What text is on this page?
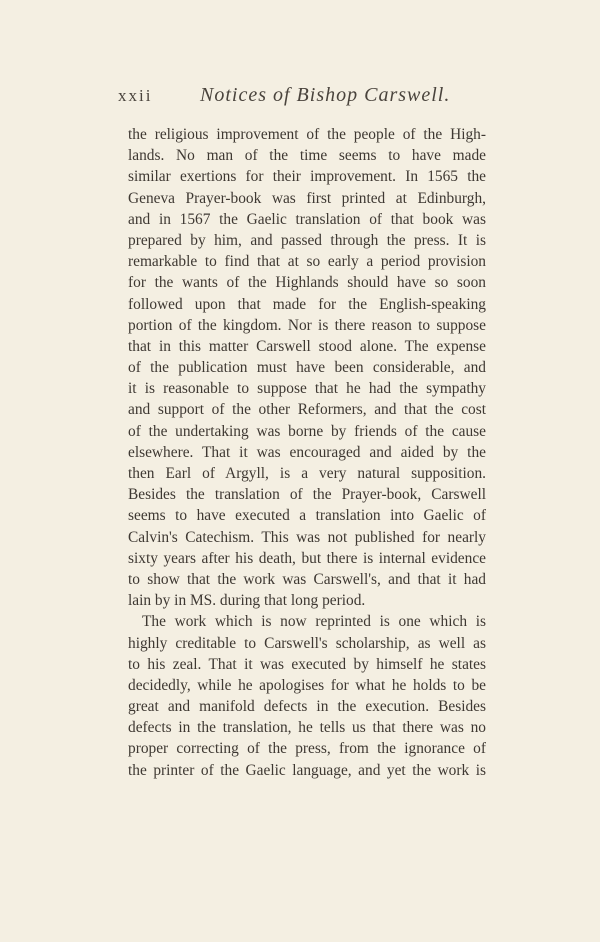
xxii Notices of Bishop Carswell.
the religious improvement of the people of the High-
lands. No man of the time seems to have made
similar exertions for their improvement. In 1565 the
Geneva Prayer-book was first printed at Edinburgh,
and in 1567 the Gaelic translation of that book was
prepared by him, and passed through the press. It is
remarkable to find that at so early a period provision
for the wants of the Highlands should have so soon
followed upon that made for the English-speaking
portion of the kingdom. Nor is there reason to suppose
that in this matter Carswell stood alone. The expense
of the publication must have been considerable, and
it is reasonable to suppose that he had the sympathy
and support of the other Reformers, and that the cost
of the undertaking was borne by friends of the cause
elsewhere. That it was encouraged and aided by the
then Earl of Argyll, is a very natural supposition.
Besides the translation of the Prayer-book, Carswell
seems to have executed a translation into Gaelic of
Calvin's Catechism. This was not published for nearly
sixty years after his death, but there is internal evidence
to show that the work was Carswell's, and that it had
lain by in MS. during that long period.
The work which is now reprinted is one which is
highly creditable to Carswell's scholarship, as well as
to his zeal. That it was executed by himself he states
decidedly, while he apologises for what he holds to be
great and manifold defects in the execution. Besides
defects in the translation, he tells us that there was no
proper correcting of the press, from the ignorance of
the printer of the Gaelic language, and yet the work is
